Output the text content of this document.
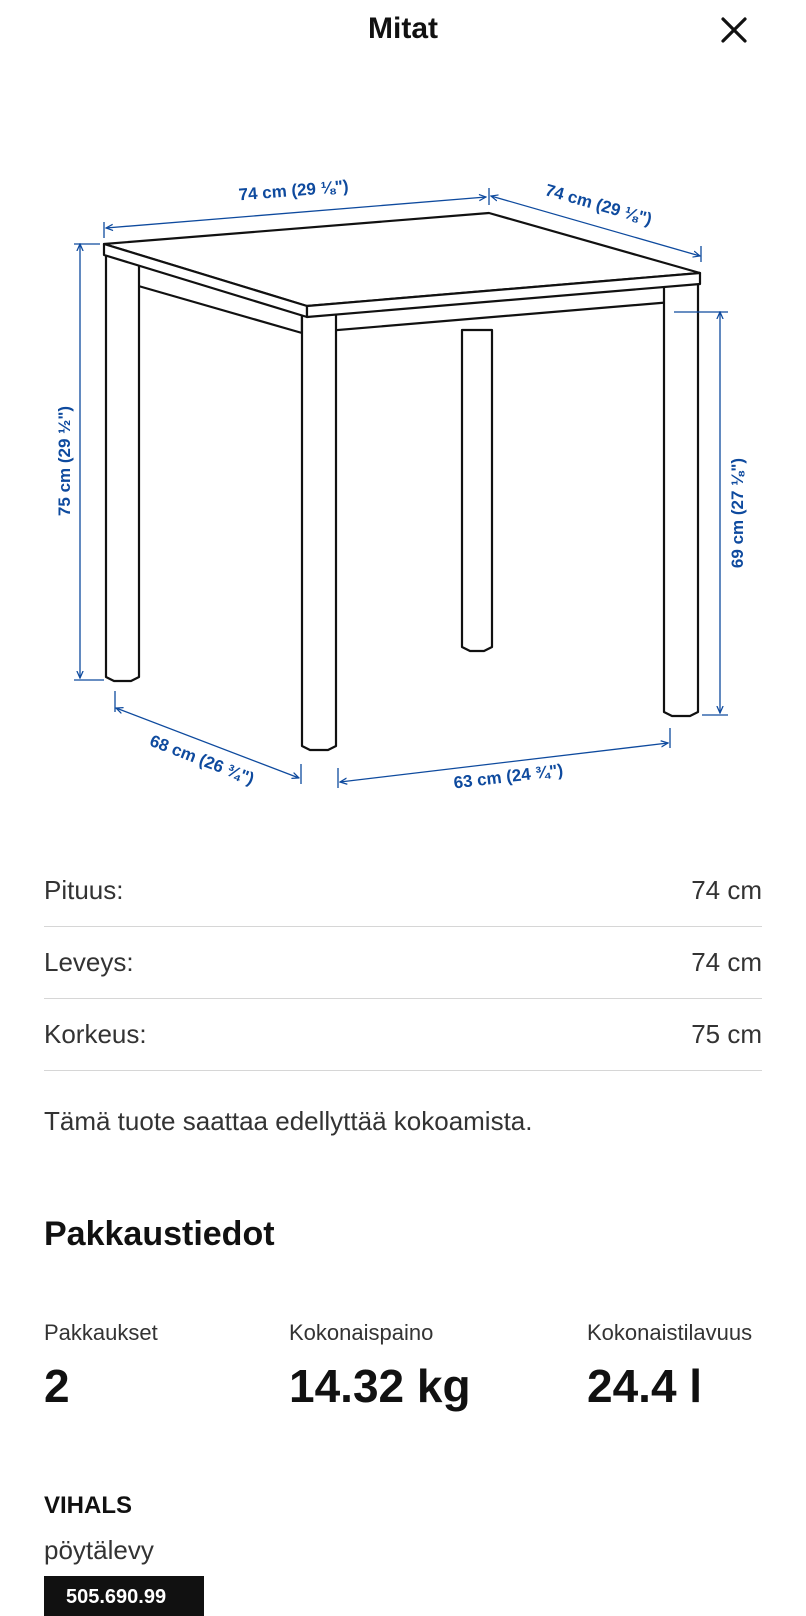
Mitat
74 cm (29 ⅛")	74 cm (29 ⅛")
75 cm (29 ½")	69 cm (27 ⅛")
68 cm (26 ¾")	63 cm (24 ¾")
Pituus:	74 cm
Leveys:	74 cm
Korkeus:	75 cm
Tämä tuote saattaa edellyttää kokoamista.
Pakkaustiedot
Pakkaukset
2
Kokonaispaino
14.32 kg
Kokonaistilavuus
24.4 l
VIHALS
pöytälevy
505.690.99
